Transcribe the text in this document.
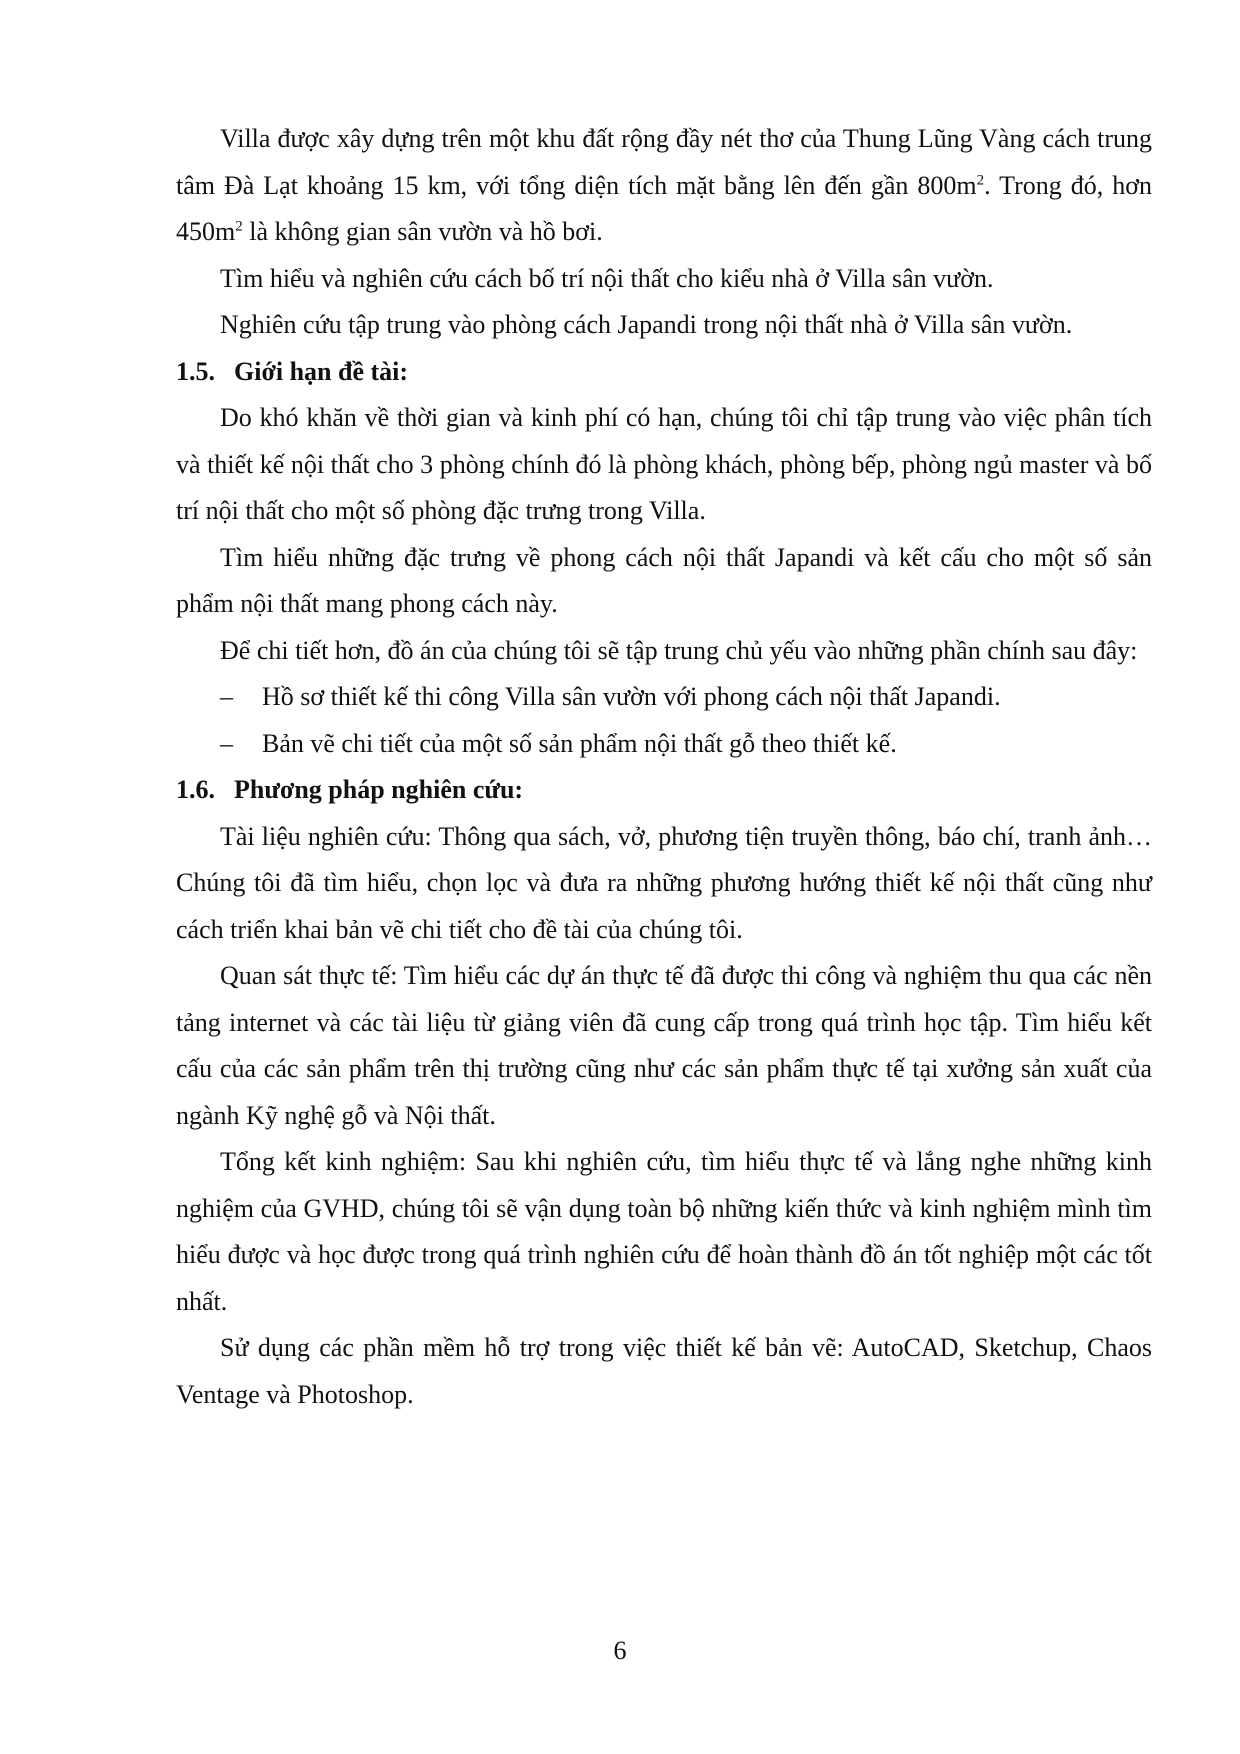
Villa được xây dựng trên một khu đất rộng đầy nét thơ của Thung Lũng Vàng cách trung tâm Đà Lạt khoảng 15 km, với tổng diện tích mặt bằng lên đến gần $800m^2$. Trong đó, hơn $450m^2$ là không gian sân vườn và hồ bơi.

Tìm hiểu và nghiên cứu cách bố trí nội thất cho kiểu nhà ở Villa sân vườn.

Nghiên cứu tập trung vào phòng cách Japandi trong nội thất nhà ở Villa sân vườn.

1.5. Giới hạn đề tài:

Do khó khăn về thời gian và kinh phí có hạn, chúng tôi chỉ tập trung vào việc phân tích và thiết kế nội thất cho 3 phòng chính đó là phòng khách, phòng bếp, phòng ngủ master và bố trí nội thất cho một số phòng đặc trưng trong Villa.

Tìm hiểu những đặc trưng về phong cách nội thất Japandi và kết cấu cho một số sản phẩm nội thất mang phong cách này.

Để chi tiết hơn, đồ án của chúng tôi sẽ tập trung chủ yếu vào những phần chính sau đây:

– Hồ sơ thiết kế thi công Villa sân vườn với phong cách nội thất Japandi.

– Bản vẽ chi tiết của một số sản phẩm nội thất gỗ theo thiết kế.

1.6. Phương pháp nghiên cứu:

Tài liệu nghiên cứu: Thông qua sách, vở, phương tiện truyền thông, báo chí, tranh ảnh… Chúng tôi đã tìm hiểu, chọn lọc và đưa ra những phương hướng thiết kế nội thất cũng như cách triển khai bản vẽ chi tiết cho đề tài của chúng tôi.

Quan sát thực tế: Tìm hiểu các dự án thực tế đã được thi công và nghiệm thu qua các nền tảng internet và các tài liệu từ giảng viên đã cung cấp trong quá trình học tập. Tìm hiểu kết cấu của các sản phẩm trên thị trường cũng như các sản phẩm thực tế tại xưởng sản xuất của ngành Kỹ nghệ gỗ và Nội thất.

Tổng kết kinh nghiệm: Sau khi nghiên cứu, tìm hiểu thực tế và lắng nghe những kinh nghiệm của GVHD, chúng tôi sẽ vận dụng toàn bộ những kiến thức và kinh nghiệm mình tìm hiểu được và học được trong quá trình nghiên cứu để hoàn thành đồ án tốt nghiệp một các tốt nhất.

Sử dụng các phần mềm hỗ trợ trong việc thiết kế bản vẽ: AutoCAD, Sketchup, Chaos Ventage và Photoshop.

6
